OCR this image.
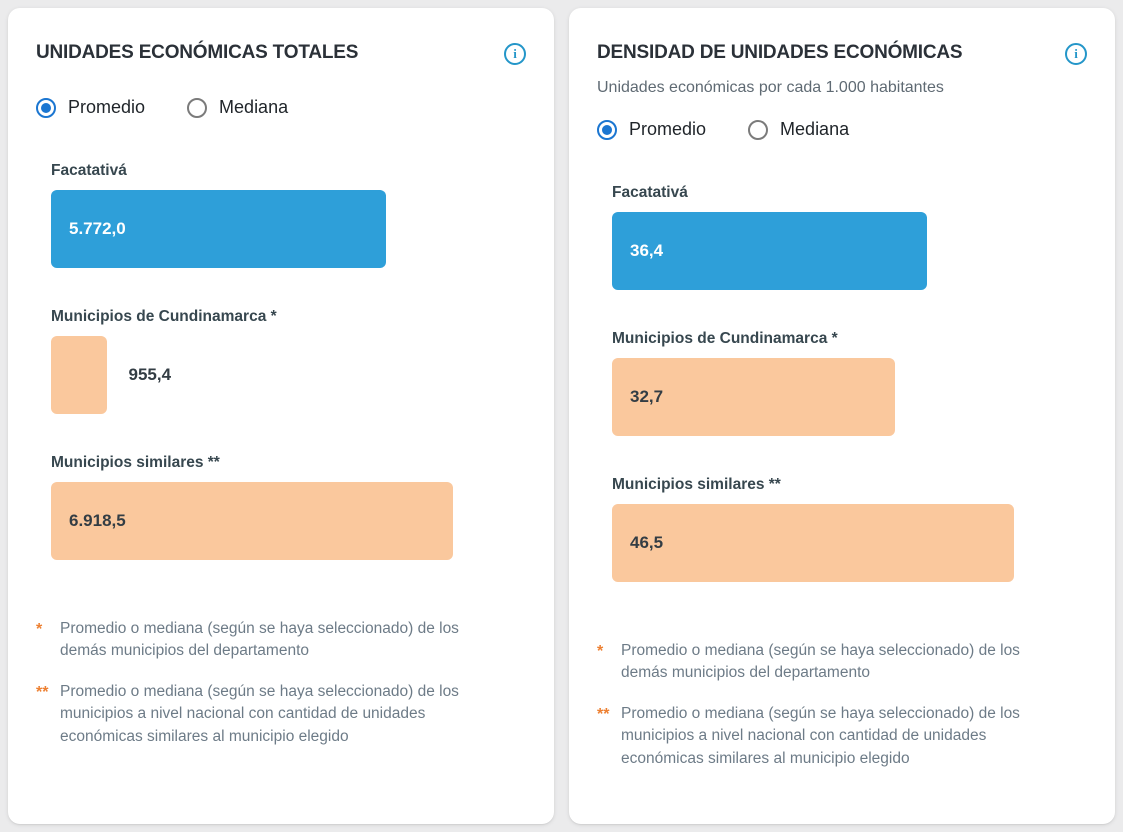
UNIDADES ECONÓMICAS TOTALES	i
Promedio	Mediana
Facatativá
5.772,0
Municipios de Cundinamarca *
955,4
Municipios similares **
6.918,5
*	Promedio o mediana (según se haya seleccionado) de los demás municipios del departamento
** Promedio o mediana (según se haya seleccionado) de los municipios a nivel nacional con cantidad de unidades económicas similares al municipio elegido
DENSIDAD DE UNIDADES ECONÓMICAS	i
Unidades económicas por cada 1.000 habitantes
Promedio	Mediana
Facatativá
36,4
Municipios de Cundinamarca *
32,7
Municipios similares **
46,5
*	Promedio o mediana (según se haya seleccionado) de los demás municipios del departamento
** Promedio o mediana (según se haya seleccionado) de los municipios a nivel nacional con cantidad de unidades económicas similares al municipio elegido
